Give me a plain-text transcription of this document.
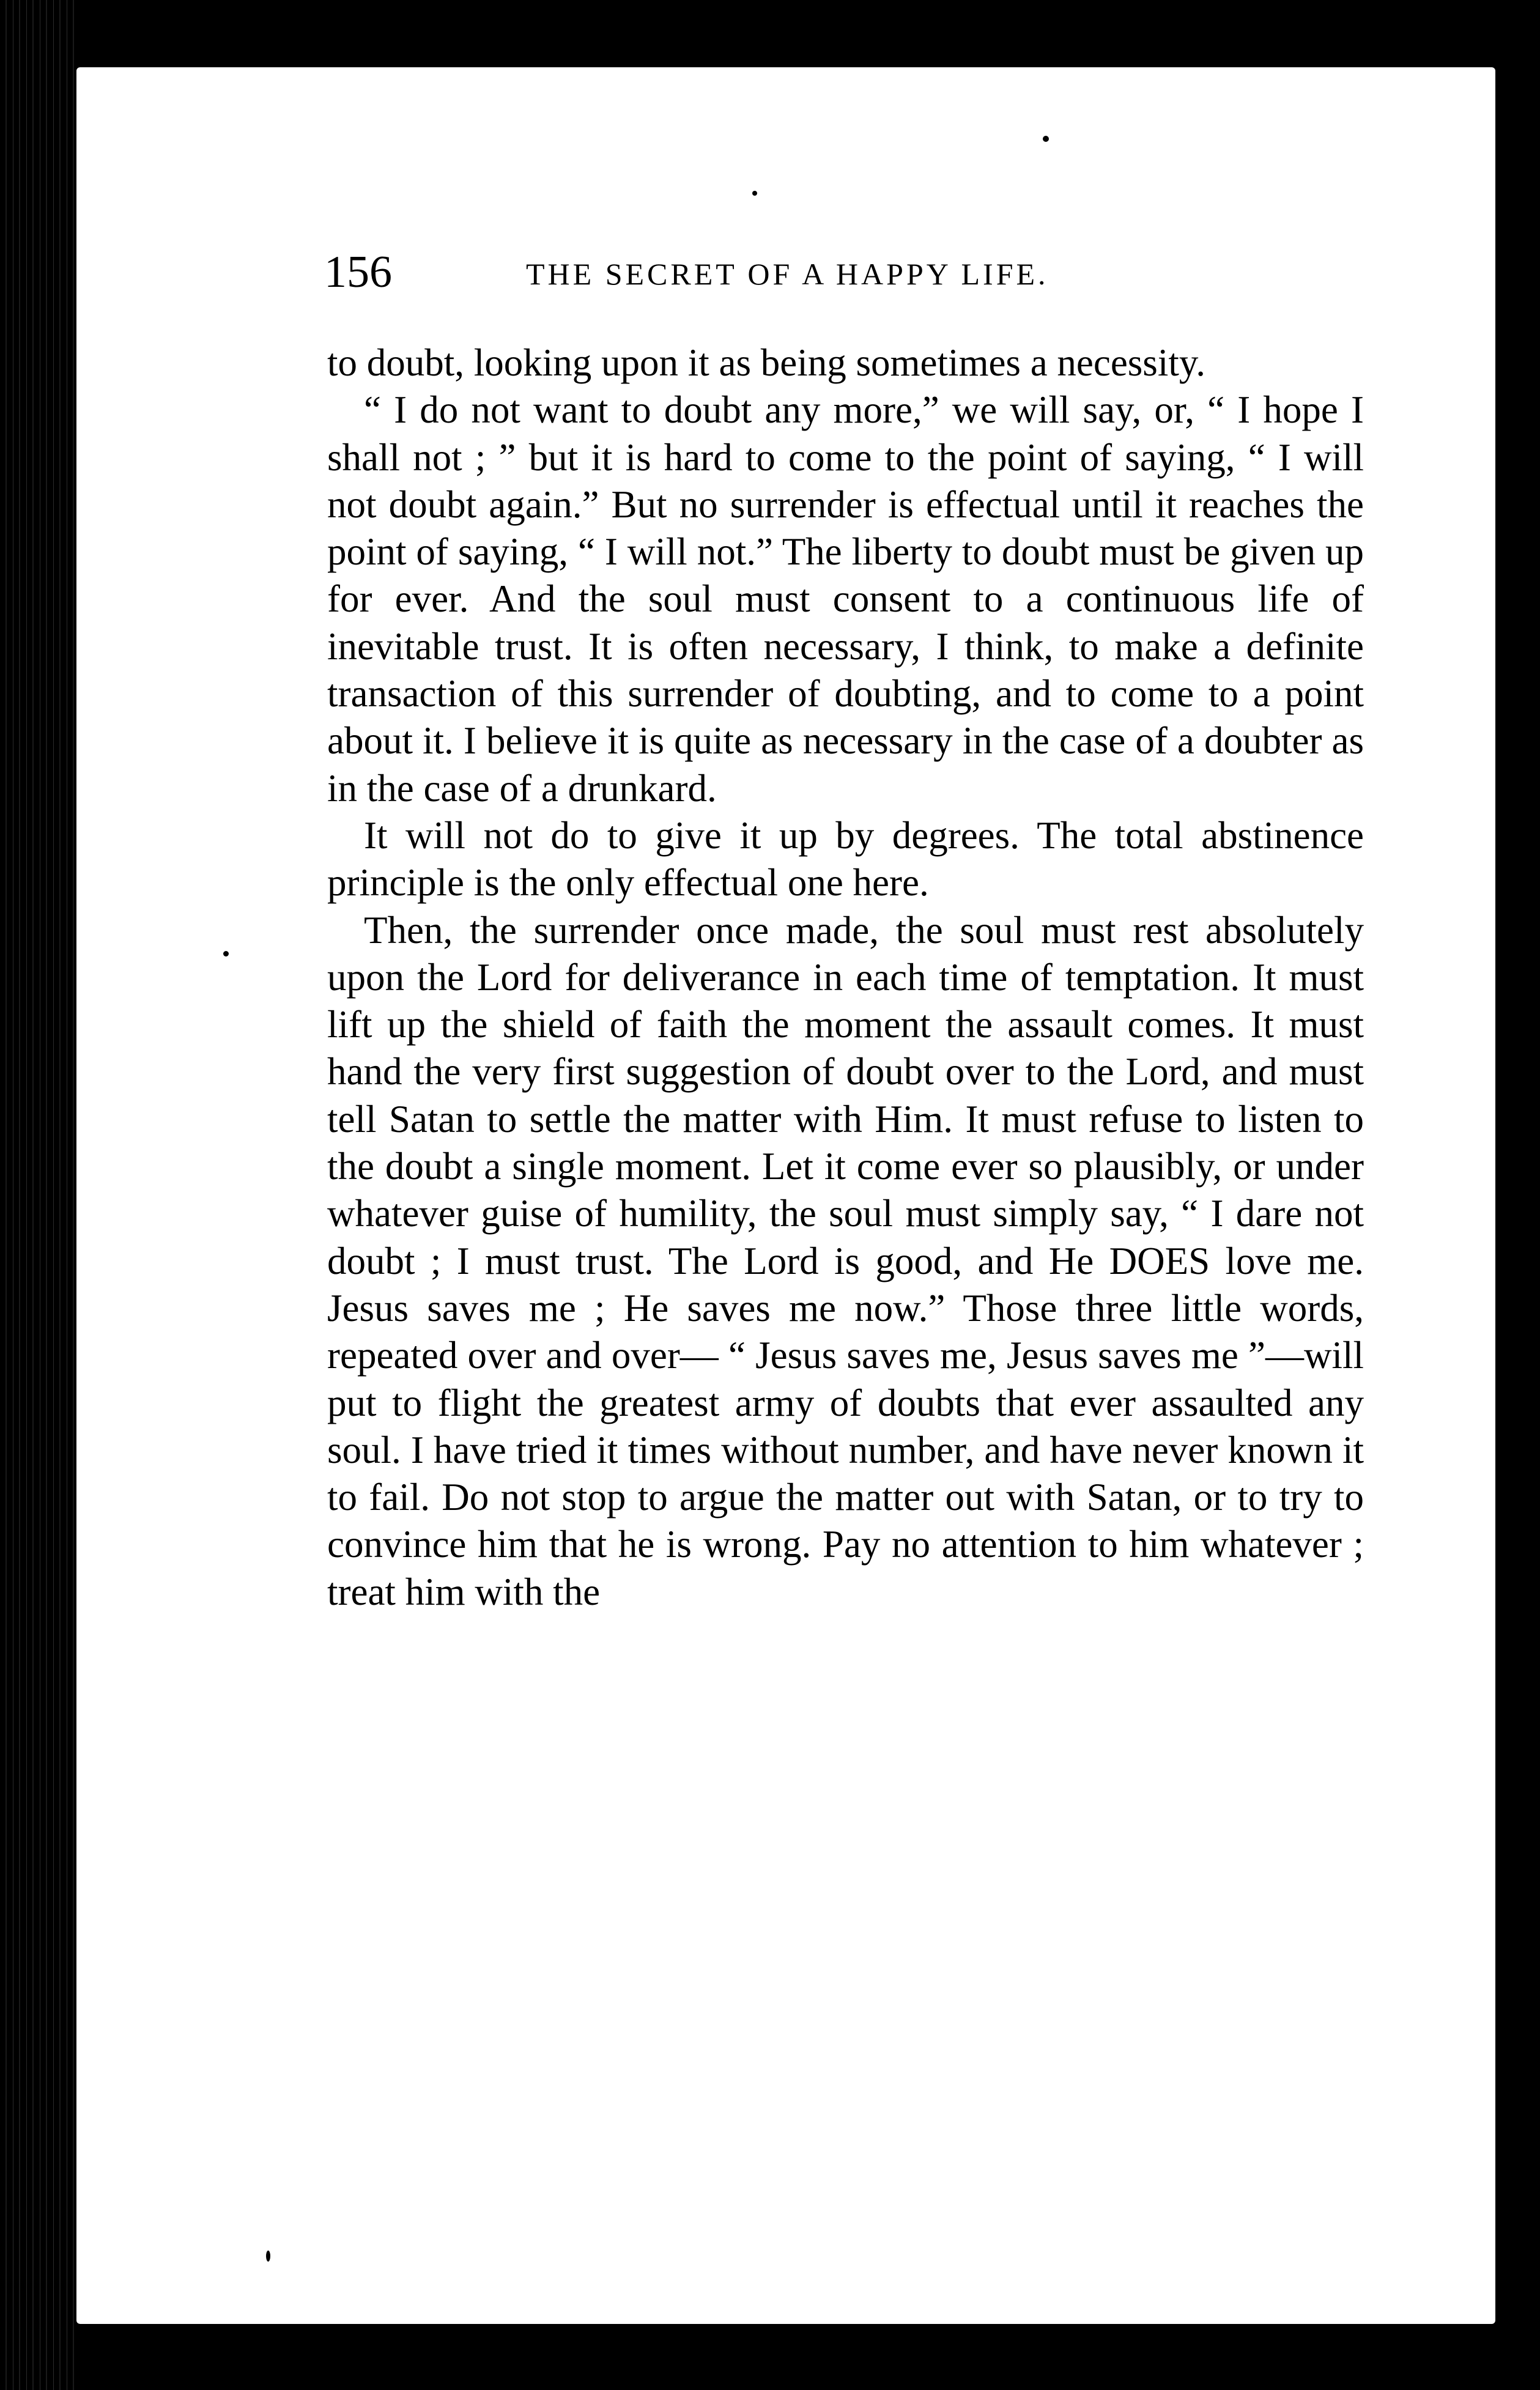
156	THE SECRET OF A HAPPY LIFE.

to doubt, looking upon it as being sometimes a necessity.

“ I do not want to doubt any more,” we will say, or, “ I hope I shall not ; ” but it is hard to come to the point of saying, “ I will not doubt again.” But no surrender is effectual until it reaches the point of saying, “ I will not.” The liberty to doubt must be given up for ever. And the soul must consent to a continuous life of inevitable trust. It is often necessary, I think, to make a definite transaction of this surrender of doubting, and to come to a point about it. I believe it is quite as necessary in the case of a doubter as in the case of a drunkard.

It will not do to give it up by degrees. The total abstinence principle is the only effectual one here.

Then, the surrender once made, the soul must rest absolutely upon the Lord for deliverance in each time of temptation. It must lift up the shield of faith the moment the assault comes. It must hand the very first suggestion of doubt over to the Lord, and must tell Satan to settle the matter with Him. It must refuse to listen to the doubt a single moment. Let it come ever so plausibly, or under whatever guise of humility, the soul must simply say, “ I dare not doubt ; I must trust. The Lord is good, and He DOES love me. Jesus saves me ; He saves me now.” Those three little words, repeated over and over— “ Jesus saves me, Jesus saves me ”—will put to flight the greatest army of doubts that ever assaulted any soul. I have tried it times without number, and have never known it to fail. Do not stop to argue the matter out with Satan, or to try to convince him that he is wrong. Pay no attention to him whatever ; treat him with the
